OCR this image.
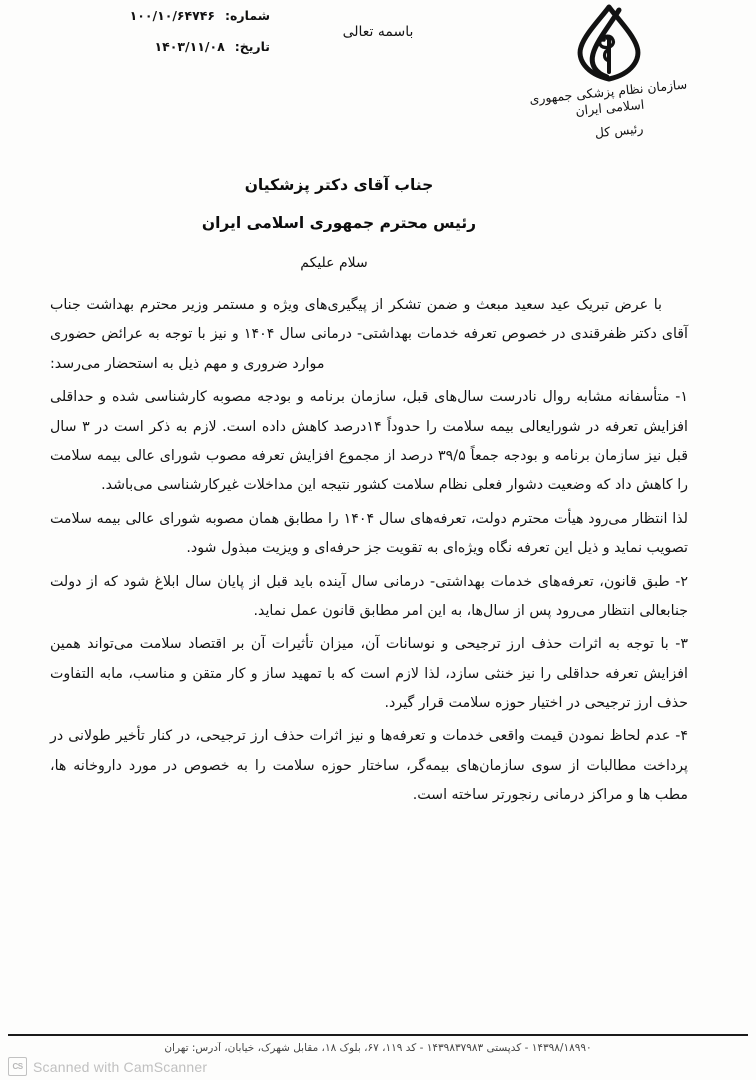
شماره:
۱۰۰/۱۰/۶۴۷۴۶
تاریخ:
۱۴۰۳/۱۱/۰۸
باسمه تعالی
سازمان نظام پزشکی جمهوری اسلامی ایران
رئیس کل
جناب آقای دکتر پزشکیان
رئیس محترم جمهوری اسلامی ایران
سلام علیکم

با عرض تبریک عید سعید مبعث و ضمن تشکر از پیگیری‌های ویژه و مستمر وزیر محترم بهداشت جناب آقای دکتر ظفرقندی در خصوص تعرفه خدمات بهداشتی- درمانی سال ۱۴۰۴ و نیز با توجه به عرائض حضوری موارد ضروری و مهم ذیل به استحضار می‌رسد:

۱- متأسفانه مشابه روال نادرست سال‌های قبل، سازمان برنامه و بودجه مصوبه کارشناسی شده و حداقلی افزایش تعرفه در شورایعالی بیمه سلامت را حدوداً ۱۴درصد کاهش داده است. لازم به ذکر است در ۳ سال قبل نیز سازمان برنامه و بودجه جمعاً ۳۹/۵ درصد از مجموع افزایش تعرفه مصوب شورای عالی بیمه سلامت را کاهش داد که وضعیت دشوار فعلی نظام سلامت کشور نتیجه این مداخلات غیرکارشناسی می‌باشد.

لذا انتظار می‌رود هیأت محترم دولت، تعرفه‌های سال ۱۴۰۴ را مطابق همان مصوبه شورای عالی بیمه سلامت تصویب نماید و ذیل این تعرفه نگاه ویژه‌ای به تقویت جز حرفه‌ای و ویزیت مبذول شود.

۲- طبق قانون، تعرفه‌های خدمات بهداشتی- درمانی سال آینده باید قبل از پایان سال ابلاغ شود که از دولت جنابعالی انتظار می‌رود پس از سال‌ها، به این امر مطابق قانون عمل نماید.

۳- با توجه به اثرات حذف ارز ترجیحی و نوسانات آن، میزان تأثیرات آن بر اقتصاد سلامت می‌تواند همین افزایش تعرفه حداقلی را نیز خنثی سازد، لذا لازم است که با تمهید ساز و کار متقن و مناسب، مابه التفاوت حذف ارز ترجیحی در اختیار حوزه سلامت قرار گیرد.

۴- عدم لحاظ نمودن قیمت واقعی خدمات و تعرفه‌ها و نیز اثرات حذف ارز ترجیحی، در کنار تأخیر طولانی در پرداخت مطالبات از سوی سازمان‌های بیمه‌گر، ساختار حوزه سلامت را به خصوص در مورد داروخانه ها، مطب ها و مراکز درمانی رنجورتر ساخته است.

۱۴۳۹۸/۱۸۹۹۰ - کدپستی ۱۴۳۹۸۳۷۹۸۳ - کد ۱۱۹، ۶۷، بلوک ۱۸، مقابل شهرک، خیابان، آدرس: تهران
CS Scanned with CamScanner
